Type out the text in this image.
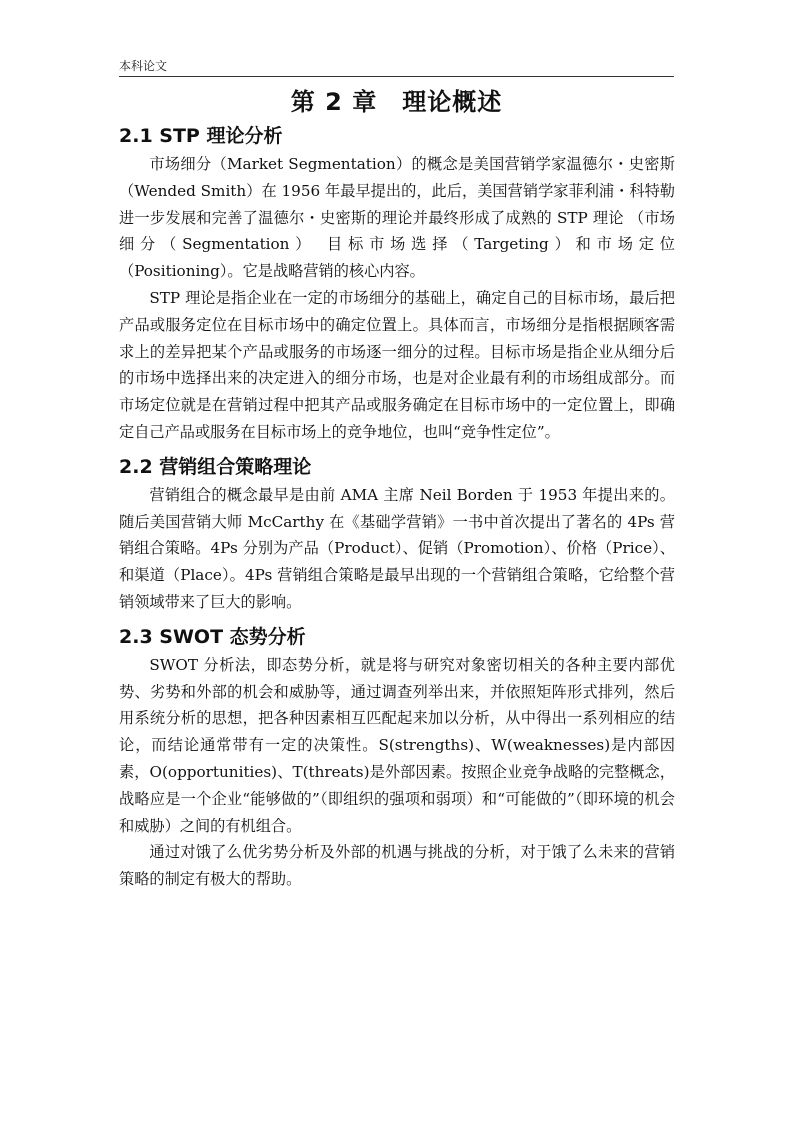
本科论文
第 2 章　理论概述
2.1 STP 理论分析

市场细分（Market Segmentation）的概念是美国营销学家温德尔・史密斯（Wended Smith）在 1956 年最早提出的，此后，美国营销学家菲利浦・科特勒进一步发展和完善了温德尔・史密斯的理论并最终形成了成熟的 STP 理论 （市场细分（Segmentation） 目标市场选择（Targeting）和市场定位（Positioning）。它是战略营销的核心内容。

STP 理论是指企业在一定的市场细分的基础上，确定自己的目标市场，最后把产品或服务定位在目标市场中的确定位置上。具体而言，市场细分是指根据顾客需求上的差异把某个产品或服务的市场逐一细分的过程。目标市场是指企业从细分后的市场中选择出来的决定进入的细分市场，也是对企业最有利的市场组成部分。而市场定位就是在营销过程中把其产品或服务确定在目标市场中的一定位置上，即确定自己产品或服务在目标市场上的竞争地位，也叫“竞争性定位”。

2.2 营销组合策略理论

营销组合的概念最早是由前 AMA 主席 Neil Borden 于 1953 年提出来的。随后美国营销大师 McCarthy 在《基础学营销》一书中首次提出了著名的 4Ps 营销组合策略。4Ps 分别为产品（Product）、促销（Promotion）、价格（Price）、和渠道（Place）。4Ps 营销组合策略是最早出现的一个营销组合策略，它给整个营销领域带来了巨大的影响。

2.3 SWOT 态势分析

SWOT 分析法，即态势分析，就是将与研究对象密切相关的各种主要内部优势、劣势和外部的机会和威胁等，通过调查列举出来，并依照矩阵形式排列，然后用系统分析的思想，把各种因素相互匹配起来加以分析，从中得出一系列相应的结论，而结论通常带有一定的决策性。S(strengths)、W(weaknesses)是内部因素，O(opportunities)、T(threats)是外部因素。按照企业竞争战略的完整概念，战略应是一个企业“能够做的”（即组织的强项和弱项）和“可能做的”（即环境的机会和威胁）之间的有机组合。

通过对饿了么优劣势分析及外部的机遇与挑战的分析，对于饿了么未来的营销策略的制定有极大的帮助。
